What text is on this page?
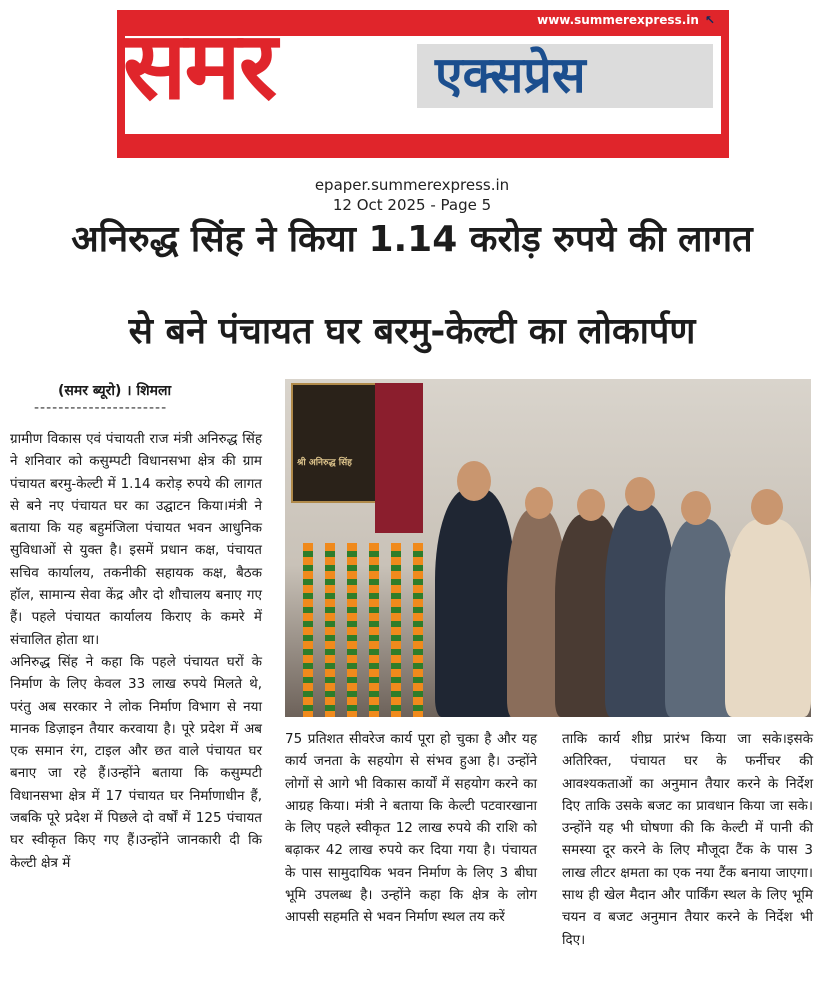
www.summerexpress.in ↖
समर	एक्सप्रेस
epaper.summerexpress.in
12 Oct 2025 - Page 5
अनिरुद्ध सिंह ने किया 1.14 करोड़ रुपये की लागत
से बने पंचायत घर बरमु-केल्टी का लोकार्पण
(समर ब्यूरो) । शिमला
----------------------

ग्रामीण विकास एवं पंचायती राज मंत्री अनिरुद्ध सिंह ने शनिवार को कसुम्पटी विधानसभा क्षेत्र की ग्राम पंचायत बरमु-केल्टी में 1.14 करोड़ रुपये की लागत से बने नए पंचायत घर का उद्घाटन किया।मंत्री ने बताया कि यह बहुमंजिला पंचायत भवन आधुनिक सुविधाओं से युक्त है। इसमें प्रधान कक्ष, पंचायत सचिव कार्यालय, तकनीकी सहायक कक्ष, बैठक हॉल, सामान्य सेवा केंद्र और दो शौचालय बनाए गए हैं। पहले पंचायत कार्यालय किराए के कमरे में संचालित होता था।

अनिरुद्ध सिंह ने कहा कि पहले पंचायत घरों के निर्माण के लिए केवल 33 लाख रुपये मिलते थे, परंतु अब सरकार ने लोक निर्माण विभाग से नया मानक डिज़ाइन तैयार करवाया है। पूरे प्रदेश में अब एक समान रंग, टाइल और छत वाले पंचायत घर बनाए जा रहे हैं।उन्होंने बताया कि कसुम्पटी विधानसभा क्षेत्र में 17 पंचायत घर निर्माणाधीन हैं, जबकि पूरे प्रदेश में पिछले दो वर्षों में 125 पंचायत घर स्वीकृत किए गए हैं।उन्होंने जानकारी दी कि केल्टी क्षेत्र में

श्री अनिरुद्ध सिंह
75 प्रतिशत सीवरेज कार्य पूरा हो चुका है और यह कार्य जनता के सहयोग से संभव हुआ है। उन्होंने लोगों से आगे भी विकास कार्यों में सहयोग करने का आग्रह किया। मंत्री ने बताया कि केल्टी पटवारखाना के लिए पहले स्वीकृत 12 लाख रुपये की राशि को बढ़ाकर 42 लाख रुपये कर दिया गया है। पंचायत के पास सामुदायिक भवन निर्माण के लिए 3 बीघा भूमि उपलब्ध है। उन्होंने कहा कि क्षेत्र के लोग आपसी सहमति से भवन निर्माण स्थल तय करें
ताकि कार्य शीघ्र प्रारंभ किया जा सके।इसके अतिरिक्त, पंचायत घर के फर्नीचर की आवश्यकताओं का अनुमान तैयार करने के निर्देश दिए ताकि उसके बजट का प्रावधान किया जा सके।उन्होंने यह भी घोषणा की कि केल्टी में पानी की समस्या दूर करने के लिए मौजूदा टैंक के पास 3 लाख लीटर क्षमता का एक नया टैंक बनाया जाएगा। साथ ही खेल मैदान और पार्किंग स्थल के लिए भूमि चयन व बजट अनुमान तैयार करने के निर्देश भी दिए।
